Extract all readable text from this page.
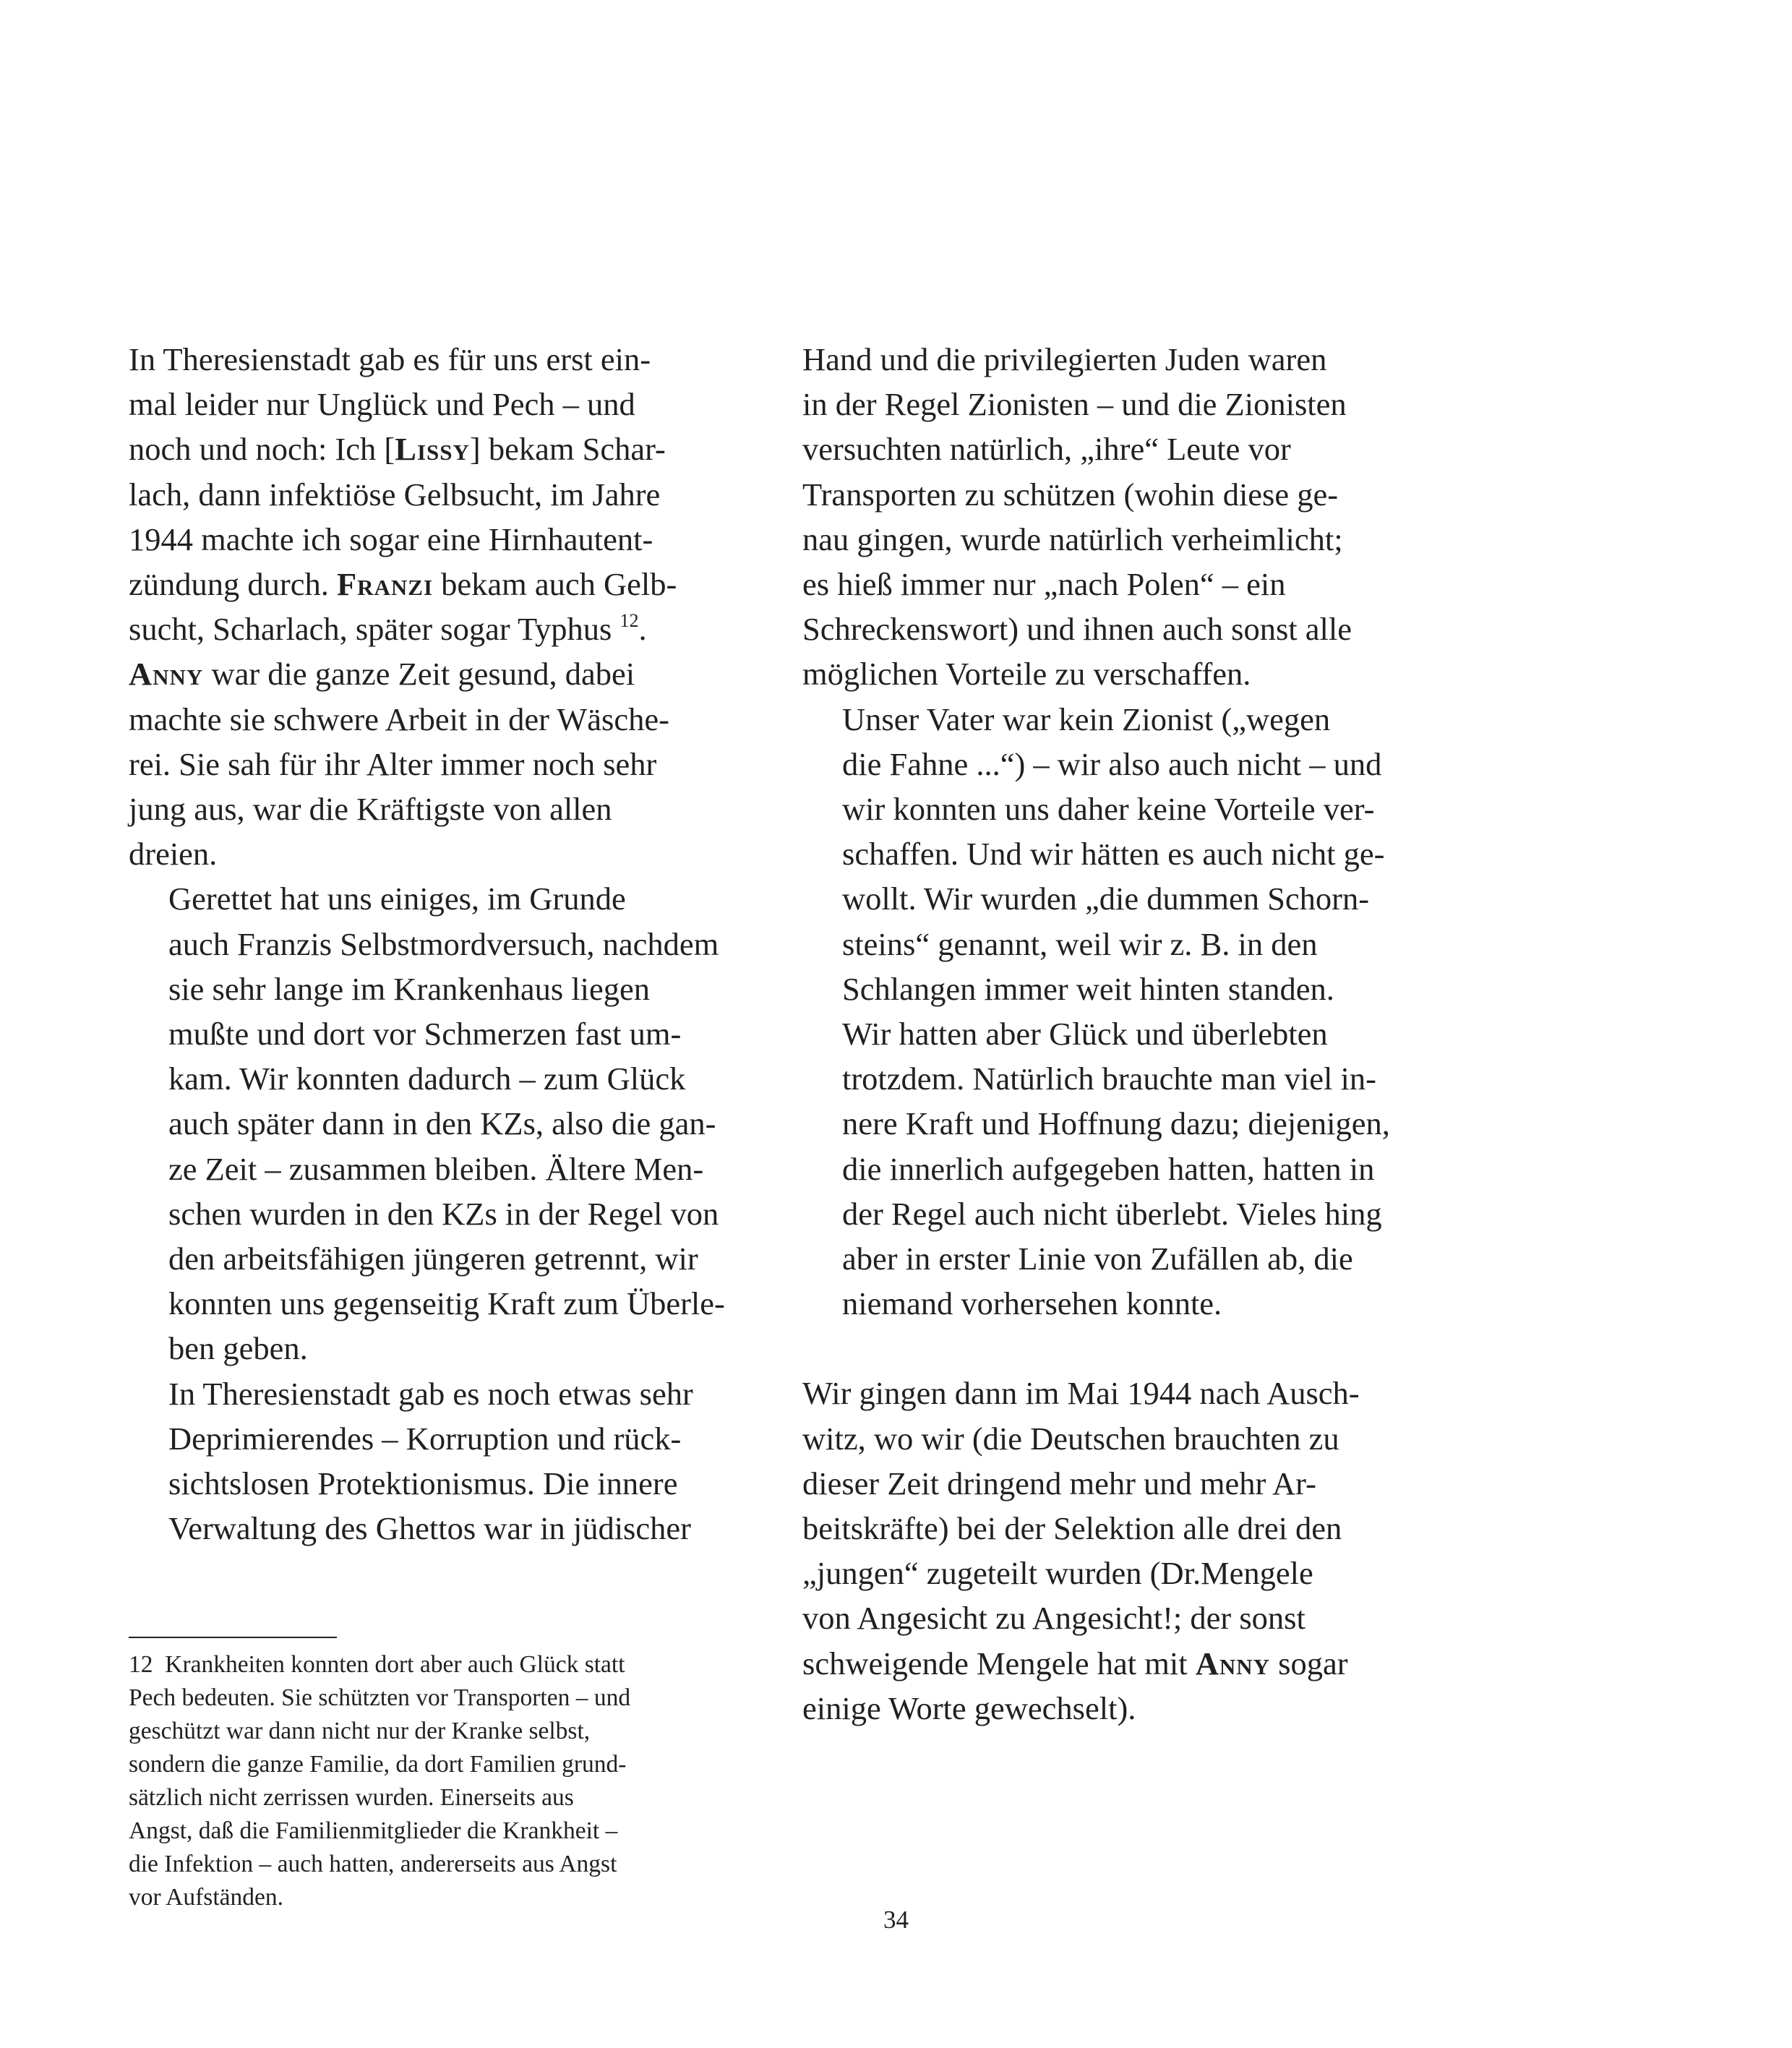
In Theresienstadt gab es für uns erst ein-
mal leider nur Unglück und Pech – und
noch und noch: Ich [Lissy] bekam Schar-
lach, dann infektiöse Gelbsucht, im Jahre
1944 machte ich sogar eine Hirnhautent-
zündung durch. Franzi bekam auch Gelb-
sucht, Scharlach, später sogar Typhus $^{12}$.
Anny war die ganze Zeit gesund, dabei
machte sie schwere Arbeit in der Wäsche-
rei. Sie sah für ihr Alter immer noch sehr
jung aus, war die Kräftigste von allen
dreien.

Gerettet hat uns einiges, im Grunde
auch Franzis Selbstmordversuch, nachdem
sie sehr lange im Krankenhaus liegen
mußte und dort vor Schmerzen fast um-
kam. Wir konnten dadurch – zum Glück
auch später dann in den KZs, also die gan-
ze Zeit – zusammen bleiben. Ältere Men-
schen wurden in den KZs in der Regel von
den arbeitsfähigen jüngeren getrennt, wir
konnten uns gegenseitig Kraft zum Überle-
ben geben.

In Theresienstadt gab es noch etwas sehr
Deprimierendes – Korruption und rück-
sichtslosen Protektionismus. Die innere
Verwaltung des Ghettos war in jüdischer

Hand und die privilegierten Juden waren
in der Regel Zionisten – und die Zionisten
versuchten natürlich, „ihre“ Leute vor
Transporten zu schützen (wohin diese ge-
nau gingen, wurde natürlich verheimlicht;
es hieß immer nur „nach Polen“ – ein
Schreckenswort) und ihnen auch sonst alle
möglichen Vorteile zu verschaffen.

Unser Vater war kein Zionist („wegen
die Fahne ...“) – wir also auch nicht – und
wir konnten uns daher keine Vorteile ver-
schaffen. Und wir hätten es auch nicht ge-
wollt. Wir wurden „die dummen Schorn-
steins“ genannt, weil wir z. B. in den
Schlangen immer weit hinten standen.

Wir hatten aber Glück und überlebten
trotzdem. Natürlich brauchte man viel in-
nere Kraft und Hoffnung dazu; diejenigen,
die innerlich aufgegeben hatten, hatten in
der Regel auch nicht überlebt. Vieles hing
aber in erster Linie von Zufällen ab, die
niemand vorhersehen konnte.

Wir gingen dann im Mai 1944 nach Ausch-
witz, wo wir (die Deutschen brauchten zu
dieser Zeit dringend mehr und mehr Ar-
beitskräfte) bei der Selektion alle drei den
„jungen“ zugeteilt wurden (Dr.Mengele
von Angesicht zu Angesicht!; der sonst
schweigende Mengele hat mit Anny sogar
einige Worte gewechselt).

12 Krankheiten konnten dort aber auch Glück statt
Pech bedeuten. Sie schützten vor Transporten – und
geschützt war dann nicht nur der Kranke selbst,
sondern die ganze Familie, da dort Familien grund-
sätzlich nicht zerrissen wurden. Einerseits aus
Angst, daß die Familienmitglieder die Krankheit –
die Infektion – auch hatten, andererseits aus Angst
vor Aufständen.
34
